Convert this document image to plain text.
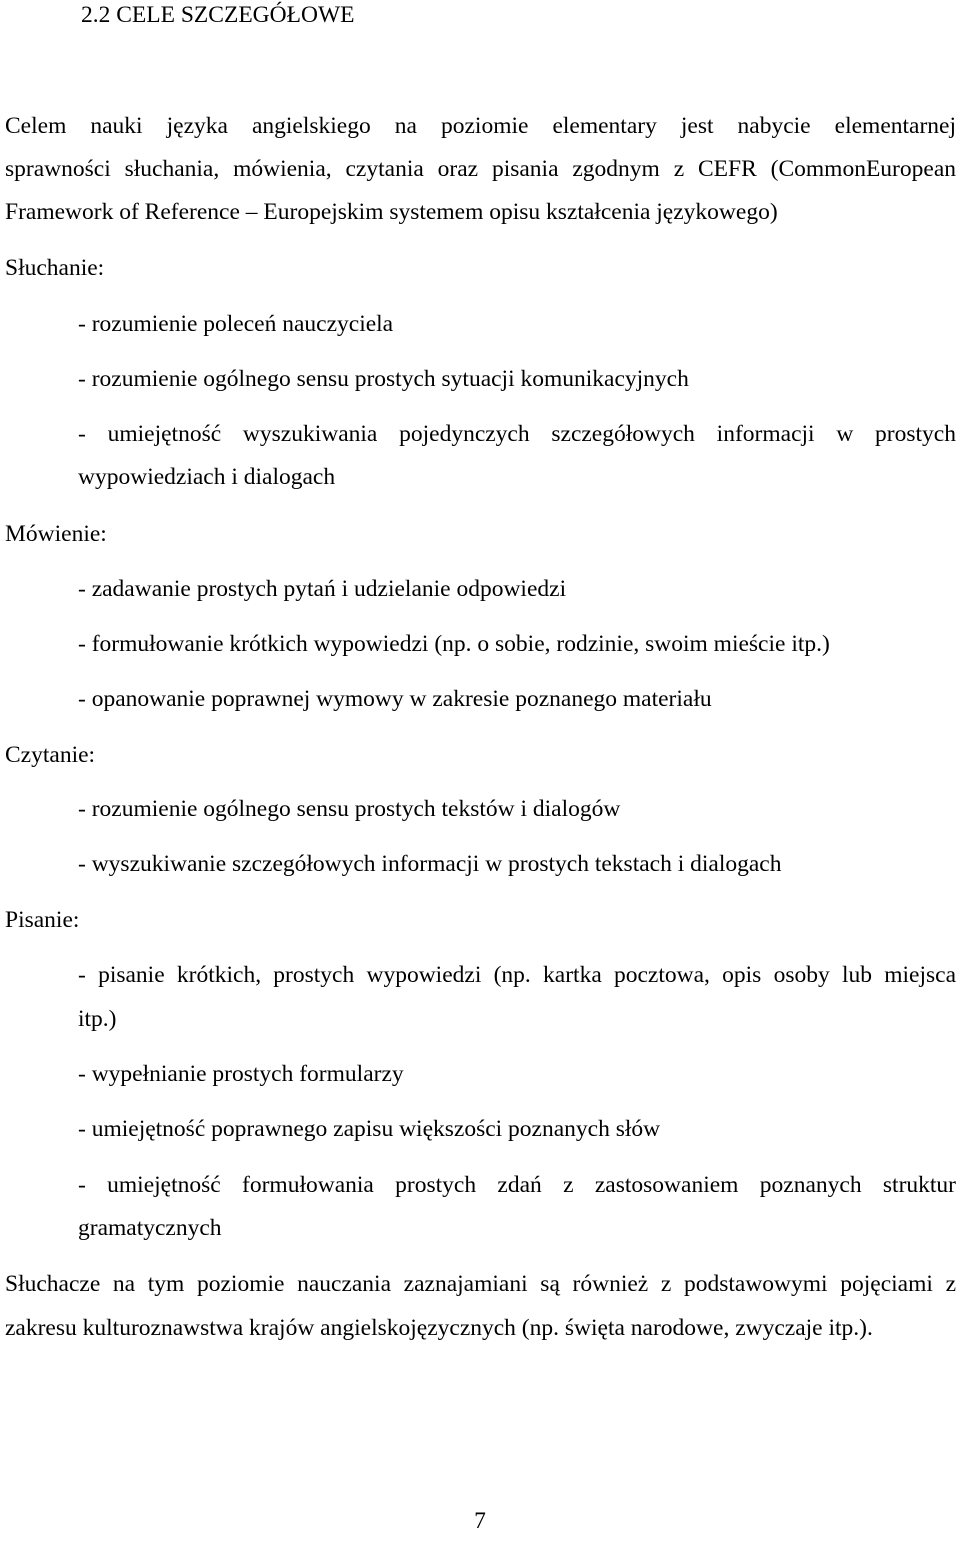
2.2 CELE SZCZEGÓŁOWE
Celem nauki języka angielskiego na poziomie elementary jest nabycie elementarnej
sprawności słuchania, mówienia, czytania oraz pisania zgodnym z CEFR (CommonEuropean
Framework of Reference – Europejskim systemem opisu kształcenia językowego)
Słuchanie:
- rozumienie poleceń nauczyciela
- rozumienie ogólnego sensu prostych sytuacji komunikacyjnych
- umiejętność wyszukiwania pojedynczych szczegółowych informacji w prostych
wypowiedziach i dialogach
Mówienie:
- zadawanie prostych pytań i udzielanie odpowiedzi
- formułowanie krótkich wypowiedzi (np. o sobie, rodzinie, swoim mieście itp.)
- opanowanie poprawnej wymowy w zakresie poznanego materiału
Czytanie:
- rozumienie ogólnego sensu prostych tekstów i dialogów
- wyszukiwanie szczegółowych informacji w prostych tekstach i dialogach
Pisanie:
- pisanie krótkich, prostych wypowiedzi (np. kartka pocztowa, opis osoby lub miejsca
itp.)
- wypełnianie prostych formularzy
- umiejętność poprawnego zapisu większości poznanych słów
- umiejętność formułowania prostych zdań z zastosowaniem poznanych struktur
gramatycznych
Słuchacze na tym poziomie nauczania zaznajamiani są również z podstawowymi pojęciami z
zakresu kulturoznawstwa krajów angielskojęzycznych (np. święta narodowe, zwyczaje itp.).
7
